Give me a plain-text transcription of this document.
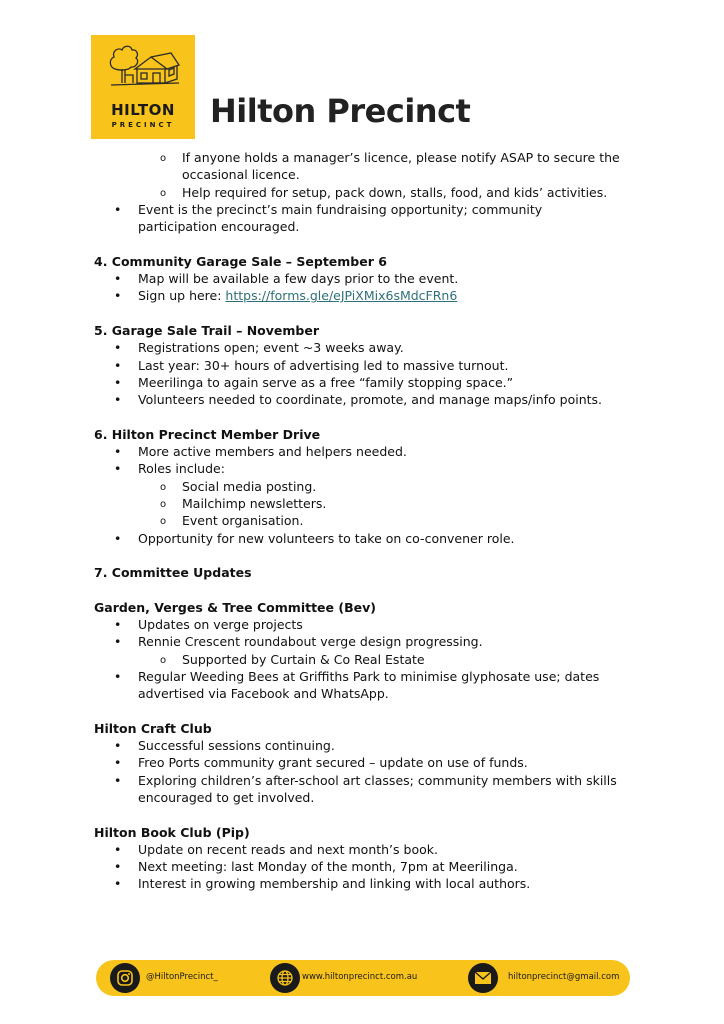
HILTON
PRECINCT	Hilton Precinct

o If anyone holds a manager’s licence, please notify ASAP to secure the

occasional licence.

o Help required for setup, pack down, stalls, food, and kids’ activities.

• Event is the precinct’s main fundraising opportunity; community

participation encouraged.

4. Community Garage Sale – September 6

• Map will be available a few days prior to the event.

• Sign up here: https://forms.gle/eJPiXMix6sMdcFRn6

5. Garage Sale Trail – November

• Registrations open; event ~3 weeks away.

• Last year: 30+ hours of advertising led to massive turnout.

• Meerilinga to again serve as a free “family stopping space.”

• Volunteers needed to coordinate, promote, and manage maps/info points.

6. Hilton Precinct Member Drive

• More active members and helpers needed.

• Roles include:

o Social media posting.

o Mailchimp newsletters.

o Event organisation.

• Opportunity for new volunteers to take on co-convener role.

7. Committee Updates

Garden, Verges & Tree Committee (Bev)

• Updates on verge projects

• Rennie Crescent roundabout verge design progressing.

o Supported by Curtain & Co Real Estate

• Regular Weeding Bees at Griffiths Park to minimise glyphosate use; dates

advertised via Facebook and WhatsApp.

Hilton Craft Club

• Successful sessions continuing.

• Freo Ports community grant secured – update on use of funds.

• Exploring children’s after-school art classes; community members with skills

encouraged to get involved.

Hilton Book Club (Pip)

• Update on recent reads and next month’s book.

• Next meeting: last Monday of the month, 7pm at Meerilinga.

• Interest in growing membership and linking with local authors.

@HiltonPrecinct_	www.hiltonprecinct.com.au	hiltonprecinct@gmail.com
